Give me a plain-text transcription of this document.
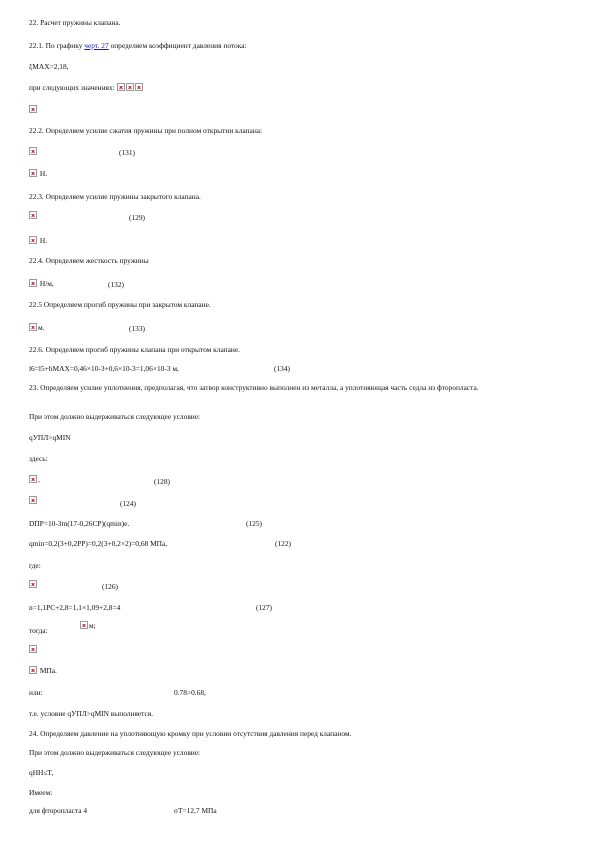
22. Расчет пружины клапана.
22.1. По графику черт. 27 определяем коэффициент давления потока:
ξMAX=2,18,
при следующих значениях:
22.2. Определяем усилие сжатия пружины при полном открытии клапана:
(131)
Н.
22.3. Определяем усилие пружины закрытого клапана.
(129)
Н.
22.4. Определяем жесткость пружины
Н/м,	(132)
22.5 Определяем прогиб пружины при закрытом клапане.
м.	(133)
22.6. Определяем прогиб пружины клапана при открытом клапане.
l6=l5+hMAX=0,46×10-3+0,6×10-3=1,06×10-3 м,	(134)
23. Определяем усилие уплотнения, предполагая, что затвор конструктивно выполнен из металла, а уплотняющая часть седла из фторопласта.
При этом должно выдерживаться следующее условие:
qУПЛ>qMIN
здесь:
,	(128)
(124)
DПР=10-3m(17-0,26CP)(qmin)e.	(125)
qmin=0,2(3+0,2РР)=0,2(3+0,2×2)=0,68 МПа,	(122)
где:
(126)
n=1,1PC+2,8=1,1×1,09+2,8=4	(127)
тогда:
м;
МПа.
или:	0.78>0.68,
т.е. условие qУПЛ>qMIN выполняется.
24. Определяем давление на уплотняющую кромку при условии отсутствия давления перед клапаном.
При этом должно выдерживаться следующее условие:
qНН≤T,
Имеем:
для фторопласта 4	σT=12,7 МПа
